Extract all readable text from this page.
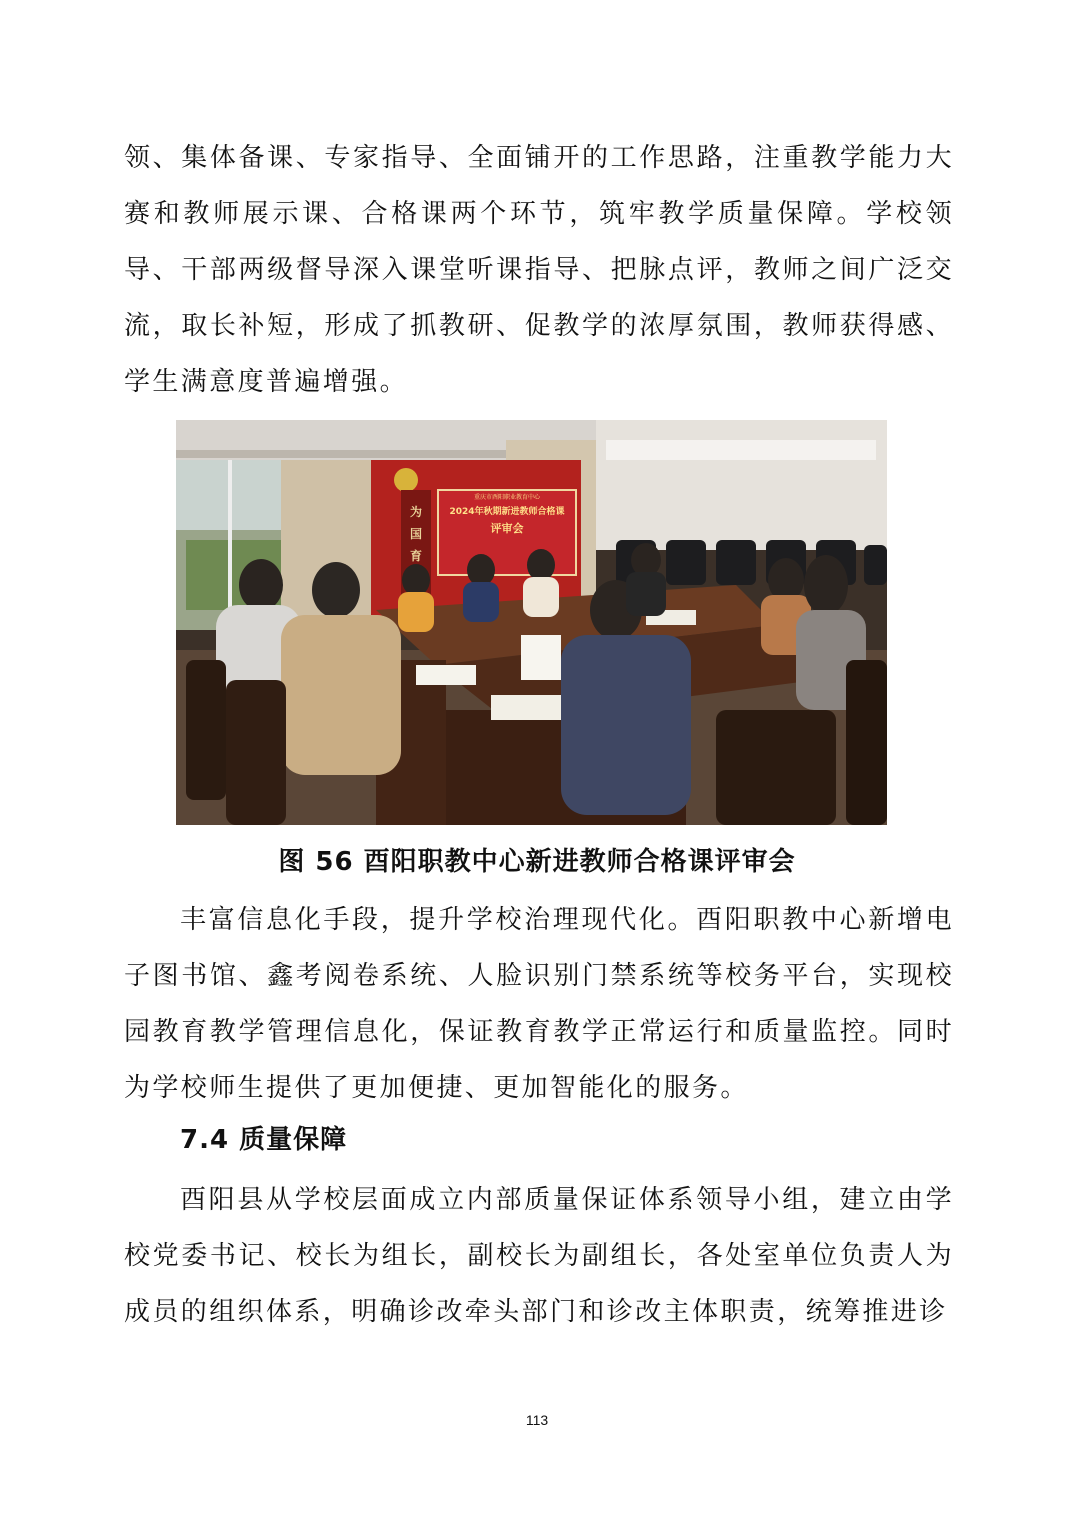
领、集体备课、专家指导、全面铺开的工作思路，注重教学能力大赛和教师展示课、合格课两个环节，筑牢教学质量保障。学校领导、干部两级督导深入课堂听课指导、把脉点评，教师之间广泛交流，取长补短，形成了抓教研、促教学的浓厚氛围，教师获得感、学生满意度普遍增强。

为
国
育
重庆市酉阳职业教育中心
2024年秋期新进教师合格课
评审会
图 56 酉阳职教中心新进教师合格课评审会

丰富信息化手段，提升学校治理现代化。酉阳职教中心新增电子图书馆、鑫考阅卷系统、人脸识别门禁系统等校务平台，实现校园教育教学管理信息化，保证教育教学正常运行和质量监控。同时为学校师生提供了更加便捷、更加智能化的服务。

7.4 质量保障

酉阳县从学校层面成立内部质量保证体系领导小组，建立由学校党委书记、校长为组长，副校长为副组长，各处室单位负责人为成员的组织体系，明确诊改牵头部门和诊改主体职责，统筹推进诊

113
